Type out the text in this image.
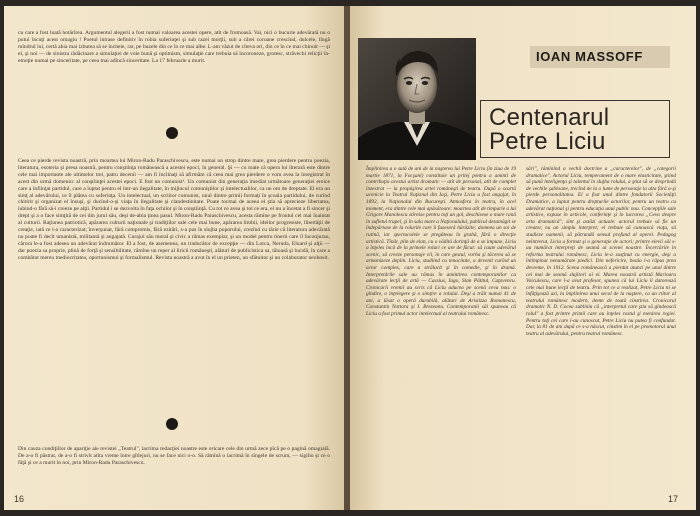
cu care a fost luată hotărîrea. Argumentul alegerii a fost numai valoarea acestei opere, atît de frumoasă. Vai, nici o bucurie adevărată nu o putui încuţi acest omagiu ! Poetul intrase definitiv în robia suferinţei şi sub razei morţii, sub a cărei coroane crescînd, dulcele, lîngă mîndrul lui, certă abia mai izbutea să se încheie, rar, pe buzele din ce în ce mai albe. L-am văzut de cîteva ori, din ce în ce mai chinuit — şi el, şi noi — de sinistra rădăcinare a simulaţiei de voie bună şi optimism, simulaţie care trebuia să încoroneze, grotesc, străvechi relicţii în-emoţie numai pe sinceritate, pe ceea mai adîncă sinceritate. La 17 februarie a murit.

Ceea ce pierde revista noastră, prin moartea lui Miron-Radu Paraschivescu, este numai un strop dintre mare, grea pierdere pentru poezia, literatura, esoteria şi presa noastră, pentru conştiinţa românească a acestei epoci, în general. Şi — cu toate că opera lui literară este dintre cele mai importante ale ultimelor trei, patru decenii — am fi înclinaţi să afirmăm că ceea mai grea pierdere o vom avea la înregistrat în acest din urmă domeniu: al conştiinţei acestei epoci. E fost un comunist¹. Un comunist din generaţia imediat următoare generaţiei eroice care a înfiinţat partidul, care a luptat pentru el într-un ilegalitate, în mijlocul comuniştilor şi intelectualilor, ca un om de dreptate. El era un simţ al adevărului, ce îl plătea cu suferinţa. Un intelectual, un scriitor comunist, unul dintre primii formaţi în şcoala partidului, de curînd chitirit şi organizat el însuşi, şi ducînd-o-şi viaţa în ilegalitate şi clandestinitate. Poate tocmai de aceea el ştia să aprecieze libertatea, iubind-o fără să-i creeze pe alţii. Partidul i se dezvolta în faţa ochilor şi în conştiinţă. Cu tot ce avea şi tot ce era, el nu a încetat a fi sincer şi drept şi a o face simţită de cei din jurul său, deşi de-abia ţinea pasul. Miron-Radu Paraschivescu, acesta rămîne pe frontul cel mai înaintat al culturii. Raţiunea patriotică, apărarea culturii naţionale şi tradiţiilor sale cele mai bune, apărarea limbii, ideilor progresiste, libertăţii de creaţie, iată ce l-a caracterizat; înverşunat, fără compromis, fără ezitări, s-a pus în slujba poporului, crezînd cu tărie că literatura adevărată nu poate fi decît umanistă, militantă şi angajată. Curajul său moral şi civic a rămas exemplar, şi un model pentru tinerii care îl înconjurau, cărora le-a fost adesea un adevărat îndrumător. El a fost, de asemenea, un traducător de excepţie — din Lorca, Neruda, Eluard şi alţii — dar poezia sa proprie, plină de forţă şi sensibilitate, rămîne un reper al liricii româneşti, alături de publicistica sa, tăioasă şi lucidă, în care a combătut mereu mediocritatea, oportunismul şi formalismul. Revista noastră a avut în el un prieten, un sfătuitor şi un colaborator neobosit.

Din cauza condiţiilor de apariţie ale revistei „Teatrul", lacrima redacţiei noastre este oricare cele din urmă zece pîcă pe o pagină omagială. De a-o fi păstrat, de a-o fi strivit atîta vreme între gîtlejuri, nu se face nici o-o. Să rămînă o lacrimă în sîngele de scrum, — sigiliu şi ce o făţă şi ce a murit în noi, prin Miron-Radu Paraschivescu.

16

IOAN MASSOFF

Centenarul

Petre Liciu

Împlinirea a o sută de ani de la naşterea lui Petre Liciu (în ziua de 19 martie 1871, la Focşani) constituie un prilej pentru a aminti de contribuţia acestui artist dramatic — atît de personal, atît de complet înzestrat — la propăşirea artei româneşti de teatru. După o scurtă ucenicie la Teatrul Naţional din Iaşi, Petre Liciu a fost angajat, în 1892, la Naţionalul din Bucureşti. Atmosfera în teatru, în acel moment, era dintre cele mai apăsătoare: moartea atît de timpurie a lui Grigore Manolescu stîrnise pentru toţi un gol, deschisese o mare rană în sufletul trupei, şi în sala mare a Naţionalului, publicul dezamăgit se îndepărtase de la rolurile care îi fuseseră hărăzite; domnea un soi de rutină, iar spectacolele se pregăteau în grabă, fără o direcţie artistică. Tînăr, plin de elan, cu o vădită dorinţă de a se impune, Liciu a înţeles încă de la primele roluri ce are de făcut: să caute adevărul scenic, să creeze personaje vii, în care gestul, vorba şi tăcerea să se armonizeze deplin. Liciu, studiind cu tenacitate, a devenit curînd un actor complex, care a strălucit şi în comedie, şi în dramă. Interpretările sale au rămas în amintirea contemporanilor ca adevărate lecţii de artă — Cassius, Iago, Stan Pătitul, Caţavencu. Cronicarii vremii au scris că Liciu aducea pe scenă ceva nou: o gîndire, o înţelegere şi o simţire a rolului. Deşi a trăit numai 41 de ani, a lăsat o operă durabilă, alături de Aristizza Romanescu, Constantin Nottara şi I. Brezeanu. Contemporanii săi spuneau că Liciu a fost primul actor intelectual al teatrului românesc.

sări", rămînînd a vechii doctrine a „caracterelor", de „categorii dramatice". Actorul Liciu, temperament de o mare elasticitate, ştiind să pună inteligenţa şi talentul în slujba rolului, a ştiut să se desprindă de vechile şabloane, trecînd de la o lume de personaje la alta fără a-şi pierde personalitatea. El a fost unul dintre fondatorii Societăţii Dramatice, a luptat pentru drepturile actorilor, pentru un teatru cu adevărat naţional şi pentru educaţia unui public nou. Concepţiile sale artistice, expuse în articole, conferinţe şi în lucrarea „Ceva despre arta dramatică", sînt şi astăzi actuale: actorul trebuie să fie un creator, nu un simplu interpret; el trebuie să cunoască viaţa, să studieze oamenii, să pătrundă sensul profund al operei. Pedagog neîntrecut, Liciu a format şi o generaţie de actori; printre elevii săi s-au numărat interpreţi de seamă ai scenei noastre. Încercările în reforma teatrului românesc, Liciu le-a susţinut cu energie, deşi a întîmpinat nenumărate piedici. Din nefericire, boala l-a răpus prea devreme, în 1912. Scena românească a pierdut atunci pe unul dintre cei mai de seamă slujitori ai ei. Marea noastră artistă Marioara Voiculescu, care l-a avut profesor, spunea că lui Liciu îi datorează cele mai bune lecţii de teatru. Prin tot ce a realizat, Petre Liciu ni se înfăţişează azi, la împlinirea unui secol de la naştere, ca un ctitor al teatrului românesc modern, demn de toată cinstirea. Cronicarul dramatic N. D. Cocea sublinia că „interpretul care ştia să gîndească rolul" a fost printre primii care au înţeles rostul şi menirea regiei. Pentru toţi cei care l-au cunoscut, Petre Liciu nu putea fi confundat. Dar, la 81 de ani după ce s-a născut, cinstim în el pe promotorul unui teatru al adevărului, pentru teatrul românesc.

17
